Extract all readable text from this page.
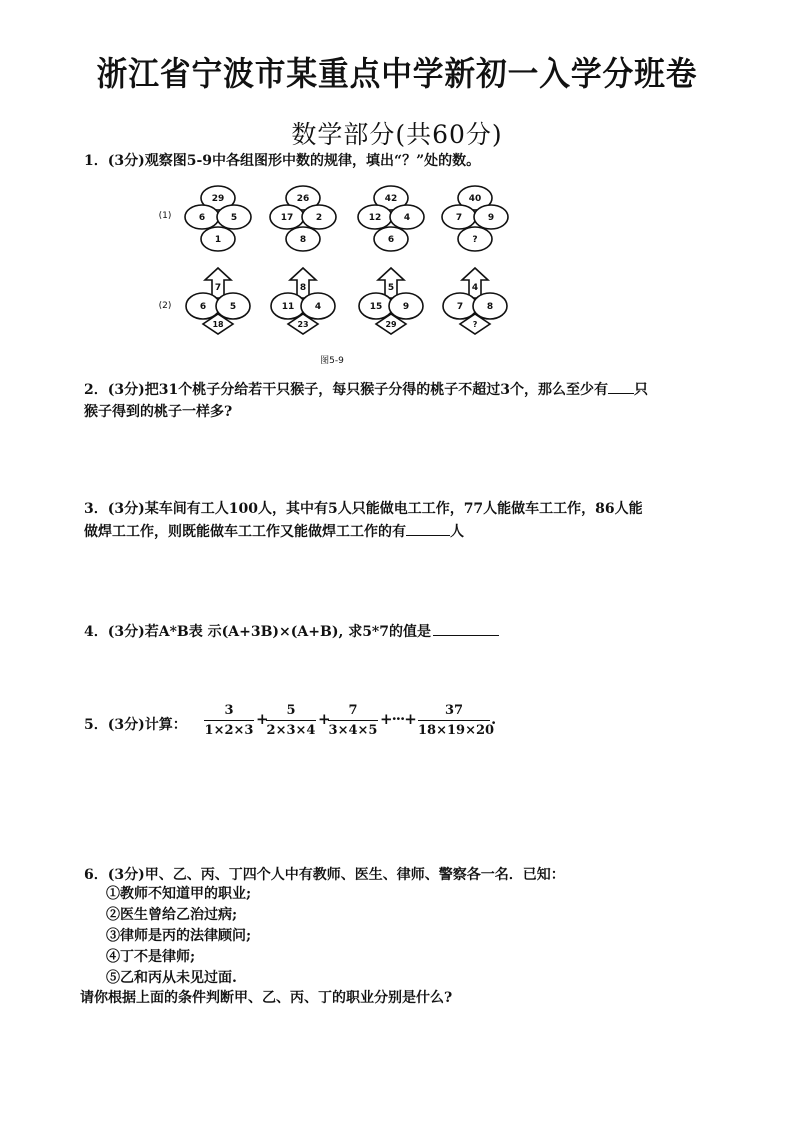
浙江省宁波市某重点中学新初一入学分班卷
数学部分(共60分)
1．(3分)观察图5-9中各组图形中数的规律，填出“？”处的数。
(1)
(2)
29
6	5
1
26
17	2
8
42
12	4
6
40
7	9
?
7
6	5
18
8
11 4
23
5
15 9
29
4
7	8
?
图5-9
2．(3分)把31个桃子分给若干只猴子，每只猴子分得的桃子不超过3个，那么至少有 只
猴子得到的桃子一样多?
3．(3分)某车间有工人100人，其中有5人只能做电工工作，77人能做车工工作，86人能
做焊工工作，则既能做车工工作又能做焊工工作的有	人
4．(3分)若A*B表 示(A+3B)×(A+B), 求5*7的值是
5．(3分)计算：	$\frac{3}{1\times 2\times 3}$ +
$\frac{5}{2\times 3\times 4}$ +
$\frac{7}{3\times 4\times 5}$ +···+ $\frac{37}{18\times 19\times 20}$ .
6．(3分)甲、乙、丙、丁四个人中有教师、医生、律师、警察各一名．已知：
①教师不知道甲的职业;
②医生曾给乙治过病;
③律师是丙的法律顾问;
④丁不是律师;
⑤乙和丙从未见过面.
请你根据上面的条件判断甲、乙、丙、丁的职业分别是什么?
